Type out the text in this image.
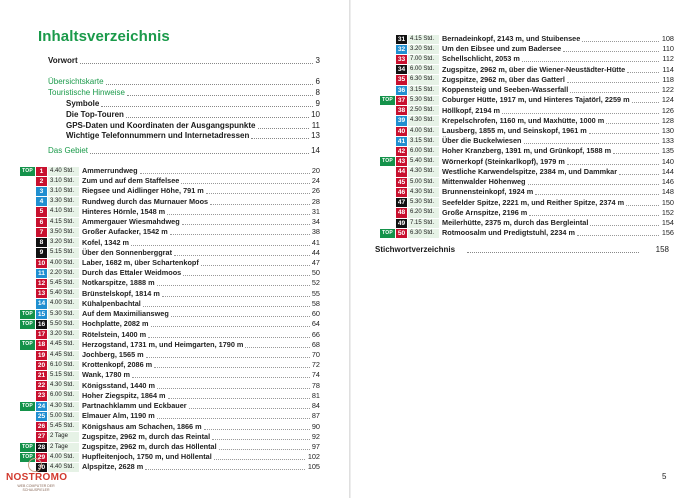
Inhaltsverzeichnis
Vorwort	3
Übersichtskarte	6
Touristische Hinweise	8
Symbole	9
Die Top-Touren	10
GPS-Daten und Koordinaten der Ausgangspunkte	11
Wichtige Telefonnummern und Internetadressen	13
Das Gebiet	14
TOP	1	4.40 Std.	Ammerrundweg	20
2	3.10 Std.	Zum und auf dem Staffelsee	24
3	3.10 Std.	Riegsee und Aidlinger Höhe, 791 m	26
4	3.30 Std.	Rundweg durch das Murnauer Moos	28
5	4.10 Std.	Hinteres Hörnle, 1548 m	31
6	4.15 Std.	Ammergauer Wiesmahdweg	34
7	3.50 Std.	Großer Aufacker, 1542 m	38
8	3.20 Std.	Kofel, 1342 m	41
9	5.15 Std.	Über den Sonnenberggrat	44
10 4.00 Std.	Laber, 1682 m, über Schartenkopf	47
11 2.20 Std.	Durch das Ettaler Weidmoos	50
12 5.45 Std.	Notkarspitze, 1888 m	52
13 5.40 Std.	Brünstelskopf, 1814 m	55
14 4.00 Std.	Kühalpenbachtal	58
TOP 15 5.30 Std.	Auf dem Maximiliansweg	60
TOP 16 5.50 Std.	Hochplatte, 2082 m	64
17 3.20 Std.	Rötelstein, 1400 m	66
TOP 18 4.45 Std.	Herzogstand, 1731 m, und Heimgarten, 1790 m	68
19 4.45 Std.	Jochberg, 1565 m	70
20 6.10 Std.	Krottenkopf, 2086 m	72
21 5.15 Std.	Wank, 1780 m	74
22 4.30 Std.	Königsstand, 1440 m	78
23 6.00 Std.	Hoher Ziegspitz, 1864 m	81
TOP 24 4.30 Std.	Partnachklamm und Eckbauer	84
25 5.00 Std.	Elmauer Alm, 1190 m	87
26 5.45 Std.	Königshaus am Schachen, 1866 m	90
27 2 Tage	Zugspitze, 2962 m, durch das Reintal	92
TOP 28 2 Tage	Zugspitze, 2962 m, durch das Höllental	97
TOP 29 4.00 Std.	Hupfleitenjoch, 1750 m, und Höllental	102
30 4.40 Std.	Alpspitze, 2628 m	105
31 4.15 Std.	Bernadeinkopf, 2143 m, und Stuibensee	108
32 3.20 Std.	Um den Eibsee und zum Badersee	110
33 7.00 Std.	Schellschlicht, 2053 m	112
34 6.00 Std.	Zugspitze, 2962 m, über die Wiener-Neustädter-Hütte	114
35 6.30 Std.	Zugspitze, 2962 m, über das Gatterl	118
36 3.15 Std.	Koppensteig und Seeben-Wasserfall	122
TOP 37 5.30 Std.	Coburger Hütte, 1917 m, und Hinteres Tajatörl, 2259 m	124
38 2.50 Std.	Höllkopf, 2194 m	126
39 4.30 Std.	Krepelschrofen, 1160 m, und Maxhütte, 1000 m	128
40 4.00 Std.	Lausberg, 1855 m, und Seinskopf, 1961 m	130
41 3.15 Std.	Über die Buckelwiesen	133
42 6.00 Std.	Hoher Kranzberg, 1391 m, und Grünkopf, 1588 m	135
TOP 43 5.40 Std.	Wörnerkopf (Steinkarlkopf), 1979 m	140
44 4.30 Std.	Westliche Karwendelspitze, 2384 m, und Dammkar	144
45 5.00 Std.	Mittenwalder Höhenweg	146
46 4.30 Std.	Brunnensteinkopf, 1924 m	148
47 5.30 Std.	Seefelder Spitze, 2221 m, und Reither Spitze, 2374 m	150
48 6.20 Std.	Große Arnspitze, 2196 m	152
49 7.15 Std.	Meilerhütte, 2375 m, durch das Bergleintal	154
TOP 50 6.30 Std.	Rotmoosalm und Predigtstuhl, 2234 m	156
Stichwortverzeichnis	158
NOSTROMO
WEB COMPUTER DER SCHAUSPIELER
5
